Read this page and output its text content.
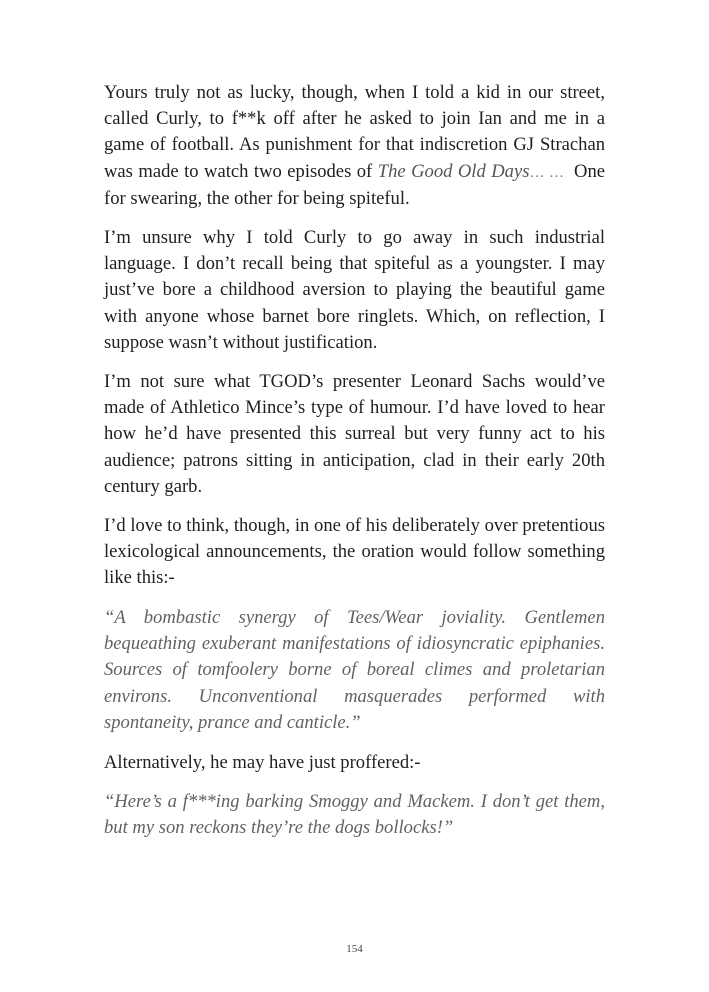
Yours truly not as lucky, though, when I told a kid in our street, called Curly, to f**k off after he asked to join Ian and me in a game of football. As punishment for that indiscretion GJ Strachan was made to watch two episodes of The Good Old Days… … One for swearing, the other for being spiteful.

I’m unsure why I told Curly to go away in such industrial language. I don’t recall being that spiteful as a youngster. I may just’ve bore a childhood aversion to playing the beautiful game with anyone whose barnet bore ringlets. Which, on reflection, I suppose wasn’t without justification.

I’m not sure what TGOD’s presenter Leonard Sachs would’ve made of Athletico Mince’s type of humour. I’d have loved to hear how he’d have presented this surreal but very funny act to his audience; patrons sitting in anticipation, clad in their early 20th century garb.

I’d love to think, though, in one of his deliberately over pretentious lexicological announcements, the oration would follow something like this:-

“A bombastic synergy of Tees/Wear joviality. Gentlemen bequeathing exuberant manifestations of idiosyncratic epiphanies. Sources of tomfoolery borne of boreal climes and proletarian environs. Unconventional masquerades performed with spontaneity, prance and canticle.”

Alternatively, he may have just proffered:-

“Here’s a f***ing barking Smoggy and Mackem. I don’t get them, but my son reckons they’re the dogs bollocks!”

154
